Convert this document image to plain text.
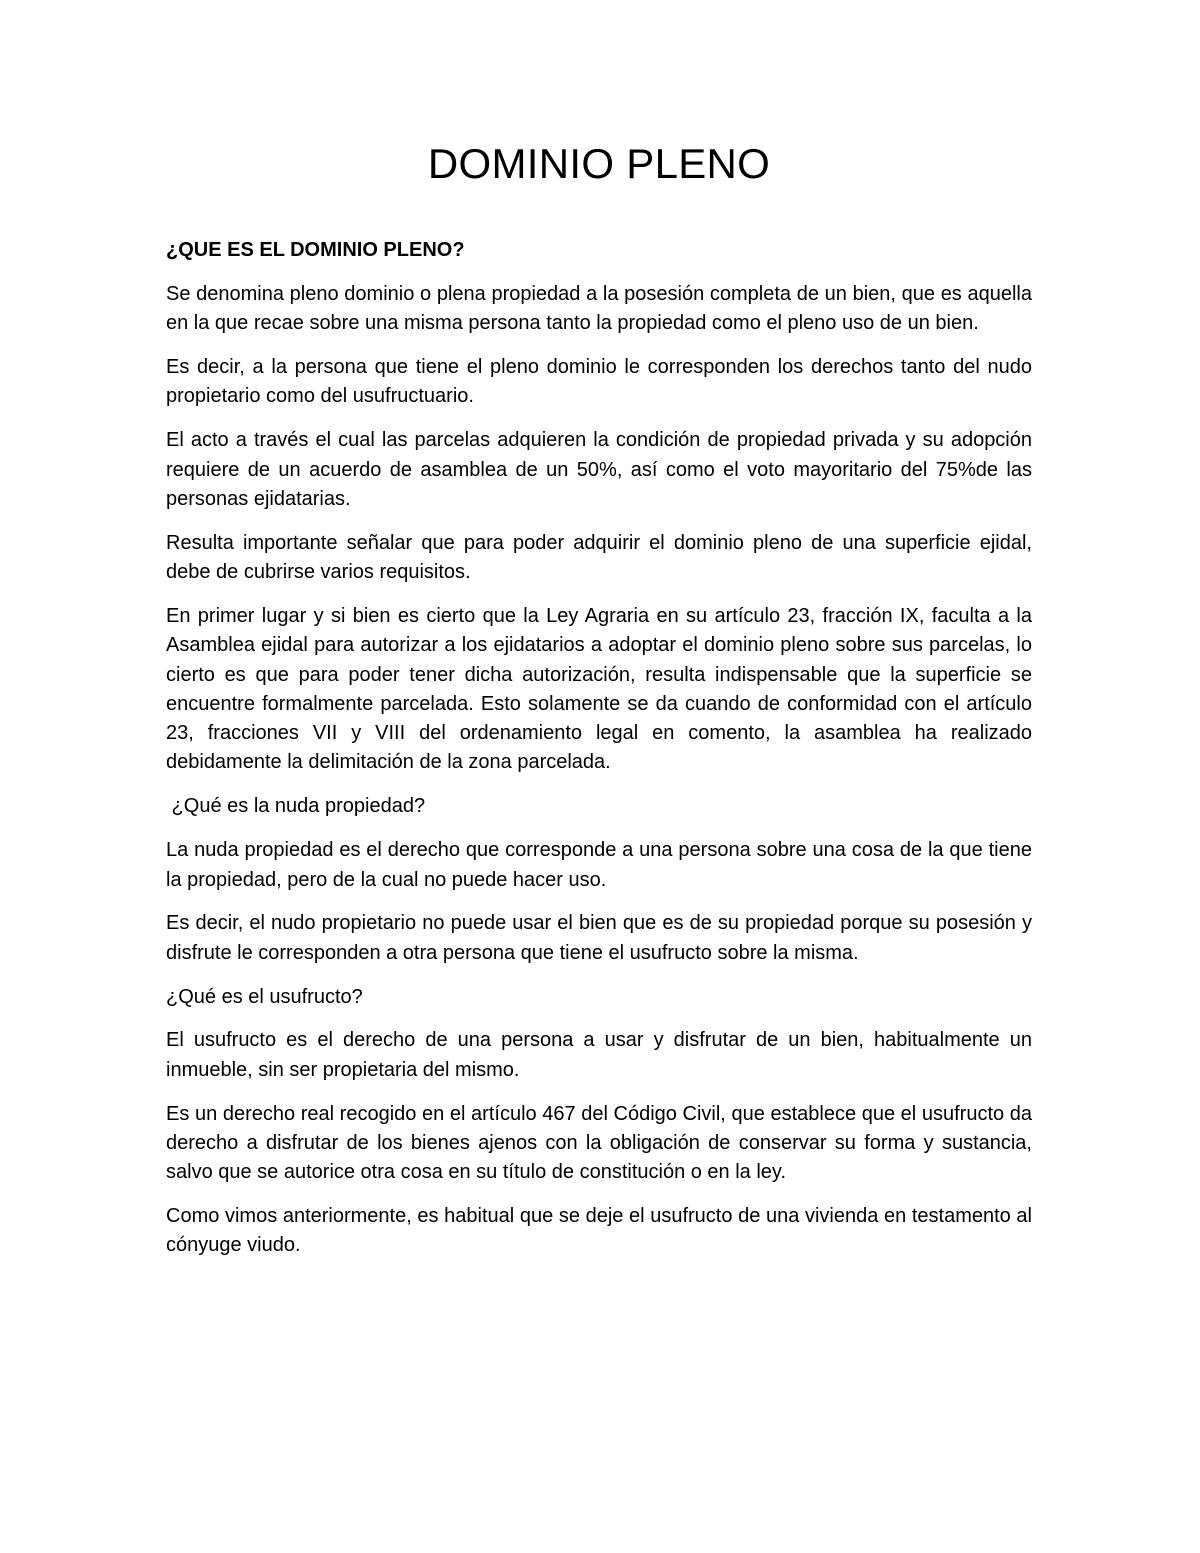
DOMINIO PLENO
¿QUE ES EL DOMINIO PLENO?

Se denomina pleno dominio o plena propiedad a la posesión completa de un bien, que es aquella en la que recae sobre una misma persona tanto la propiedad como el pleno uso de un bien.

Es decir, a la persona que tiene el pleno dominio le corresponden los derechos tanto del nudo propietario como del usufructuario.

El acto a través el cual las parcelas adquieren la condición de propiedad privada y su adopción requiere de un acuerdo de asamblea de un 50%, así como el voto mayoritario del 75%de las personas ejidatarias.

Resulta importante señalar que para poder adquirir el dominio pleno de una superficie ejidal, debe de cubrirse varios requisitos.

En primer lugar y si bien es cierto que la Ley Agraria en su artículo 23, fracción IX, faculta a la Asamblea ejidal para autorizar a los ejidatarios a adoptar el dominio pleno sobre sus parcelas, lo cierto es que para poder tener dicha autorización, resulta indispensable que la superficie se encuentre formalmente parcelada. Esto solamente se da cuando de conformidad con el artículo 23, fracciones VII y VIII del ordenamiento legal en comento, la asamblea ha realizado debidamente la delimitación de la zona parcelada.

¿Qué es la nuda propiedad?

La nuda propiedad es el derecho que corresponde a una persona sobre una cosa de la que tiene la propiedad, pero de la cual no puede hacer uso.

Es decir, el nudo propietario no puede usar el bien que es de su propiedad porque su posesión y disfrute le corresponden a otra persona que tiene el usufructo sobre la misma.

¿Qué es el usufructo?

El usufructo es el derecho de una persona a usar y disfrutar de un bien, habitualmente un inmueble, sin ser propietaria del mismo.

Es un derecho real recogido en el artículo 467 del Código Civil, que establece que el usufructo da derecho a disfrutar de los bienes ajenos con la obligación de conservar su forma y sustancia, salvo que se autorice otra cosa en su título de constitución o en la ley.

Como vimos anteriormente, es habitual que se deje el usufructo de una vivienda en testamento al cónyuge viudo.
